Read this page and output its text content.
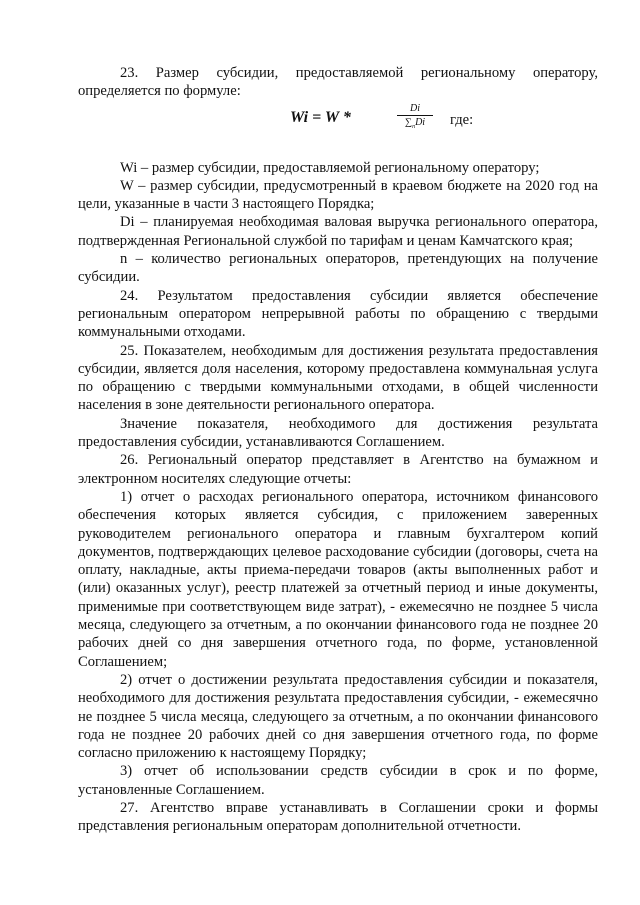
23. Размер субсидии, предоставляемой региональному оператору, определяется по формуле:

Wi = W *
Di
$\sum_nDi$	где:

Wi – размер субсидии, предоставляемой региональному оператору;

W – размер субсидии, предусмотренный в краевом бюджете на 2020 год на цели, указанные в части 3 настоящего Порядка;

Di – планируемая необходимая валовая выручка регионального оператора, подтвержденная Региональной службой по тарифам и ценам Камчатского края;

n – количество региональных операторов, претендующих на получение субсидии.

24. Результатом предоставления субсидии является обеспечение региональным оператором непрерывной работы по обращению с твердыми коммунальными отходами.

25. Показателем, необходимым для достижения результата предоставления субсидии, является доля населения, которому предоставлена коммунальная услуга по обращению с твердыми коммунальными отходами, в общей численности населения в зоне деятельности регионального оператора.

Значение показателя, необходимого для достижения результата предоставления субсидии, устанавливаются Соглашением.

26. Региональный оператор представляет в Агентство на бумажном и электронном носителях следующие отчеты:

1) отчет о расходах регионального оператора, источником финансового обеспечения которых является субсидия, с приложением заверенных руководителем регионального оператора и главным бухгалтером копий документов, подтверждающих целевое расходование субсидии (договоры, счета на оплату, накладные, акты приема-передачи товаров (акты выполненных работ и (или) оказанных услуг), реестр платежей за отчетный период и иные документы, применимые при соответствующем виде затрат), - ежемесячно не позднее 5 числа месяца, следующего за отчетным, а по окончании финансового года не позднее 20 рабочих дней со дня завершения отчетного года, по форме, установленной Соглашением;

2) отчет о достижении результата предоставления субсидии и показателя, необходимого для достижения результата предоставления субсидии, - ежемесячно не позднее 5 числа месяца, следующего за отчетным, а по окончании финансового года не позднее 20 рабочих дней со дня завершения отчетного года, по форме согласно приложению к настоящему Порядку;

3) отчет об использовании средств субсидии в срок и по форме, установленные Соглашением.

27. Агентство вправе устанавливать в Соглашении сроки и формы представления региональным операторам дополнительной отчетности.
